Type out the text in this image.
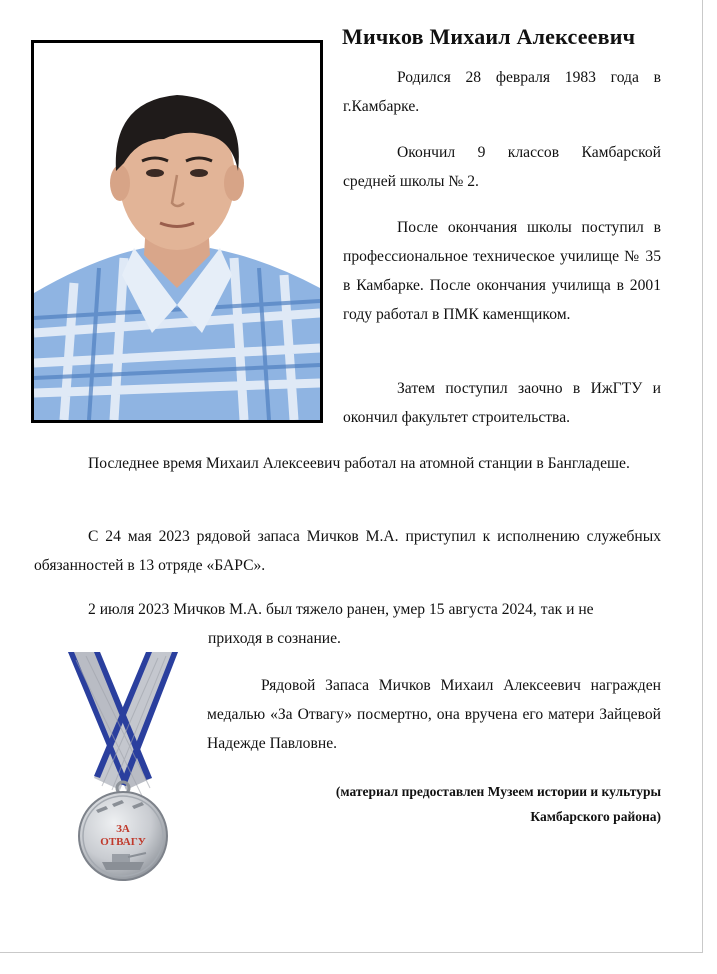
Мичков Михаил Алексеевич

Родился 28 февраля 1983 года в г.Камбарке.

Окончил 9 классов Камбарской средней школы № 2.

После окончания школы поступил в профессиональное техническое училище № 35 в Камбарке. После окончания училища в 2001 году работал в ПМК каменщиком.

Затем поступил заочно в ИжГТУ и окончил факультет строительства.

Последнее время Михаил Алексеевич работал на атомной станции в Бангладеше.

С 24 мая 2023 рядовой запаса Мичков М.А. приступил к исполнению служебных обязанностей в 13 отряде «БАРС».

2 июля 2023 Мичков М.А. был тяжело ранен, умер 15 августа 2024, так и не
приходя в сознание.

Рядовой Запаса Мичков Михаил Алексеевич награжден медалью «За Отвагу» посмертно, она вручена его матери Зайцевой Надежде Павловне.

(материал предоставлен Музеем истории и культуры
Камбарского района)
ЗА
ОТВАГУ
